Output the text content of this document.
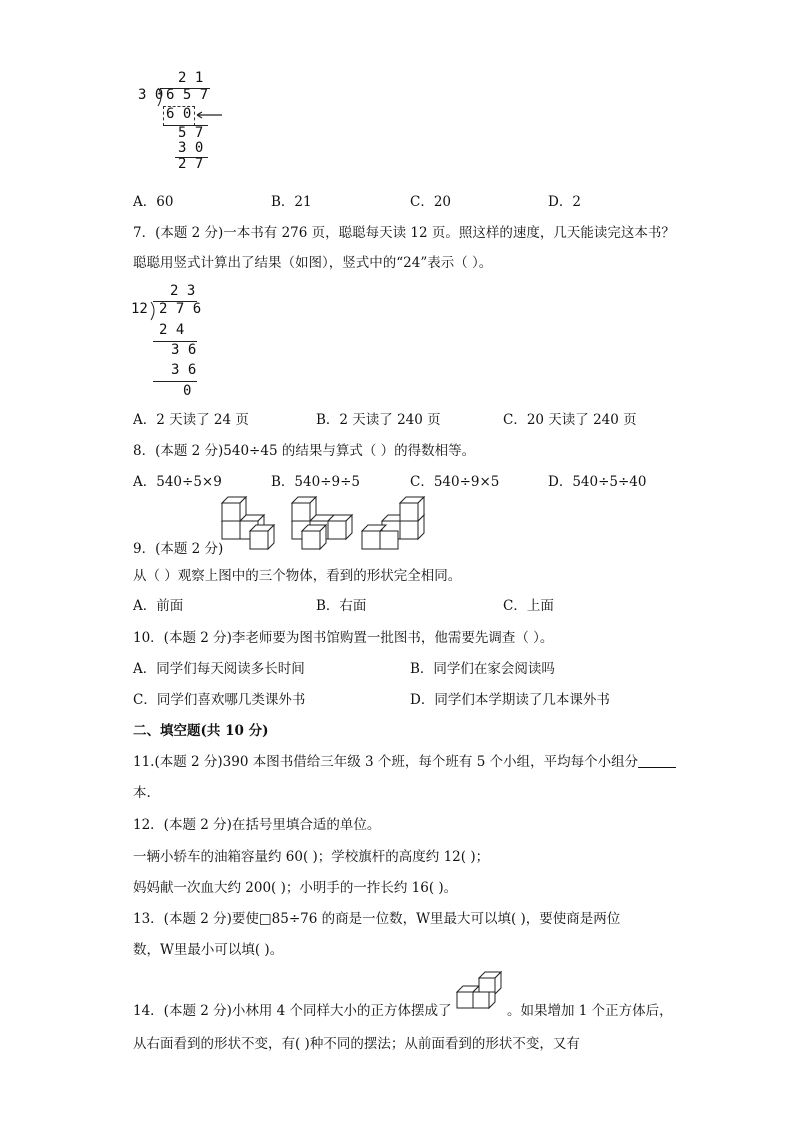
2 1
3 0 6 5 7
6 0
5 7
3 0
2 7
A．60	B．21	C．20	D．2
7．(本题 2 分)一本书有 276 页，聪聪每天读 12 页。照这样的速度，几天能读完这本书？
聪聪用竖式计算出了结果（如图），竖式中的“24”表示（ ）。
2 3
12 2 7 6
2 4
3 6
3 6
0
A．2 天读了 24 页	B．2 天读了 240 页	C．20 天读了 240 页
8．(本题 2 分)540÷45 的结果与算式（ ）的得数相等。
A．540÷5×9	B．540÷9÷5	C．540÷9×5	D．540÷5÷40
9．(本题 2 分)
从（ ）观察上图中的三个物体，看到的形状完全相同。
A．前面	B．右面	C．上面
10．(本题 2 分)李老师要为图书馆购置一批图书，他需要先调查（ ）。
A．同学们每天阅读多长时间	B．同学们在家会阅读吗
C．同学们喜欢哪几类课外书	D．同学们本学期读了几本课外书
二、填空题(共 10 分)
11.(本题 2 分)390 本图书借给三年级 3 个班，每个班有 5 个小组，平均每个小组分
本.
12．(本题 2 分)在括号里填合适的单位。
一辆小轿车的油箱容量约 60( )；学校旗杆的高度约 12( )；
妈妈献一次血大约 200( )；小明手的一拃长约 16( )。
13．(本题 2 分)要使□85÷76 的商是一位数，W里最大可以填( )，要使商是两位
数，W里最小可以填( )。
14．(本题 2 分)小林用 4 个同样大小的正方体摆成了	。如果增加 1 个正方体后，
从右面看到的形状不变，有( )种不同的摆法；从前面看到的形状不变，又有
